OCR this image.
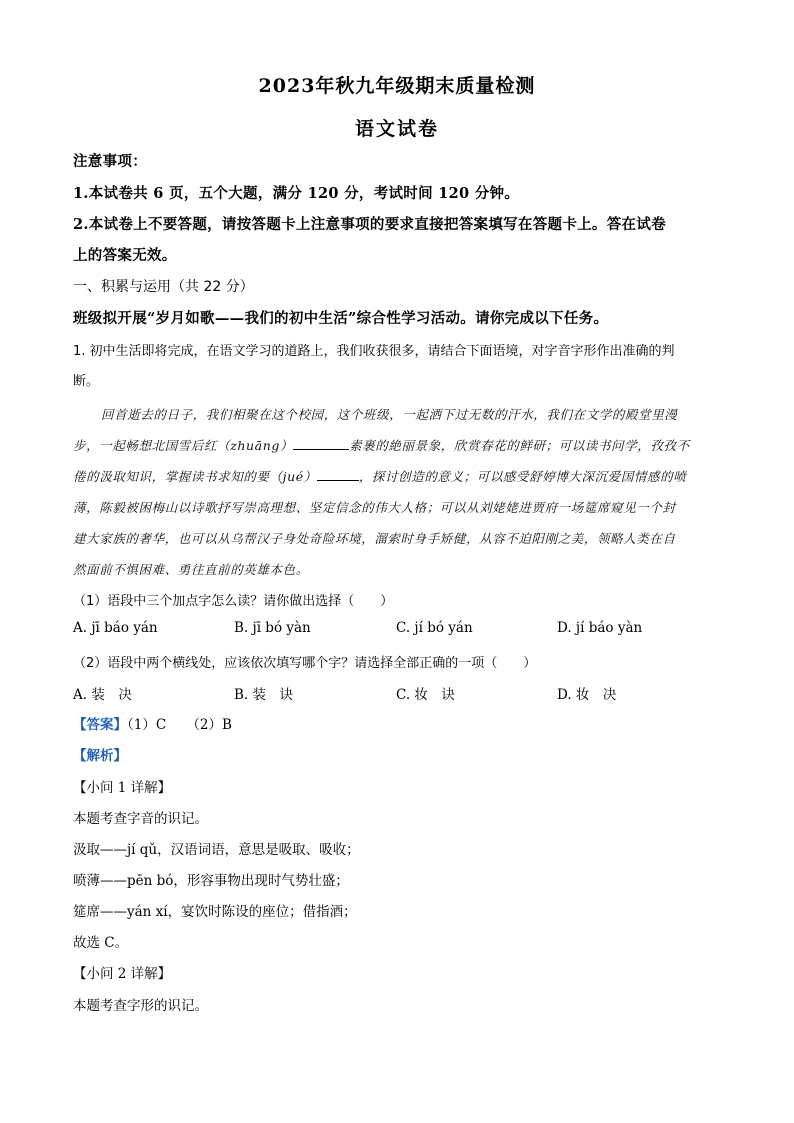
2023年秋九年级期末质量检测
语文试卷
注意事项：
1.本试卷共 6 页，五个大题，满分 120 分，考试时间 120 分钟。
2.本试卷上不要答题，请按答题卡上注意事项的要求直接把答案填写在答题卡上。答在试卷
上的答案无效。
一、积累与运用（共 22 分）
班级拟开展“岁月如歌——我们的初中生活”综合性学习活动。请你完成以下任务。
1. 初中生活即将完成，在语文学习的道路上，我们收获很多，请结合下面语境，对字音字形作出准确的判
断。
回首逝去的日子，我们相聚在这个校园，这个班级，一起洒下过无数的汗水，我们在文学的殿堂里漫
步，一起畅想北国雪后红（zhuāng）	素裹的絶丽景象，欣赏春花的鲜研；可以读书问学，孜孜不
倦的汲取知识，掌握读书求知的要（jué）	，探讨创造的意义；可以感受舒婷博大深沉爱国情感的喷
薄，陈毅被困梅山以诗歌抒写崇高理想、坚定信念的伟大人格；可以从刘姥姥进贾府一场筵席窥见一个封
建大家族的奢华，也可以从乌帮汉子身处奇险环境，溜索时身手矫健，从容不迫阳刚之美，领略人类在自
然面前不惧困难、勇往直前的英雄本色。
（1）语段中三个加点字怎么读？请你做出选择（　　）
A. jī báo yán	B. jī bó yàn	C. jí bó yán	D. jí báo yàn
（2）语段中两个横线处，应该依次填写哪个字？请选择全部正确的一项（　　）
A. 装　决	B. 装　诀	C. 妆　诀	D. 妆　决
【答案】（1）C　　（2）B
【解析】
【小问 1 详解】
本题考查字音的识记。
汲取——jí qǔ，汉语词语，意思是吸取、吸收；
喷薄——pēn bó，形容事物出现时气势壮盛；
筵席——yán xí，宴饮时陈设的座位；借指酒；
故选 C。
【小问 2 详解】
本题考查字形的识记。
